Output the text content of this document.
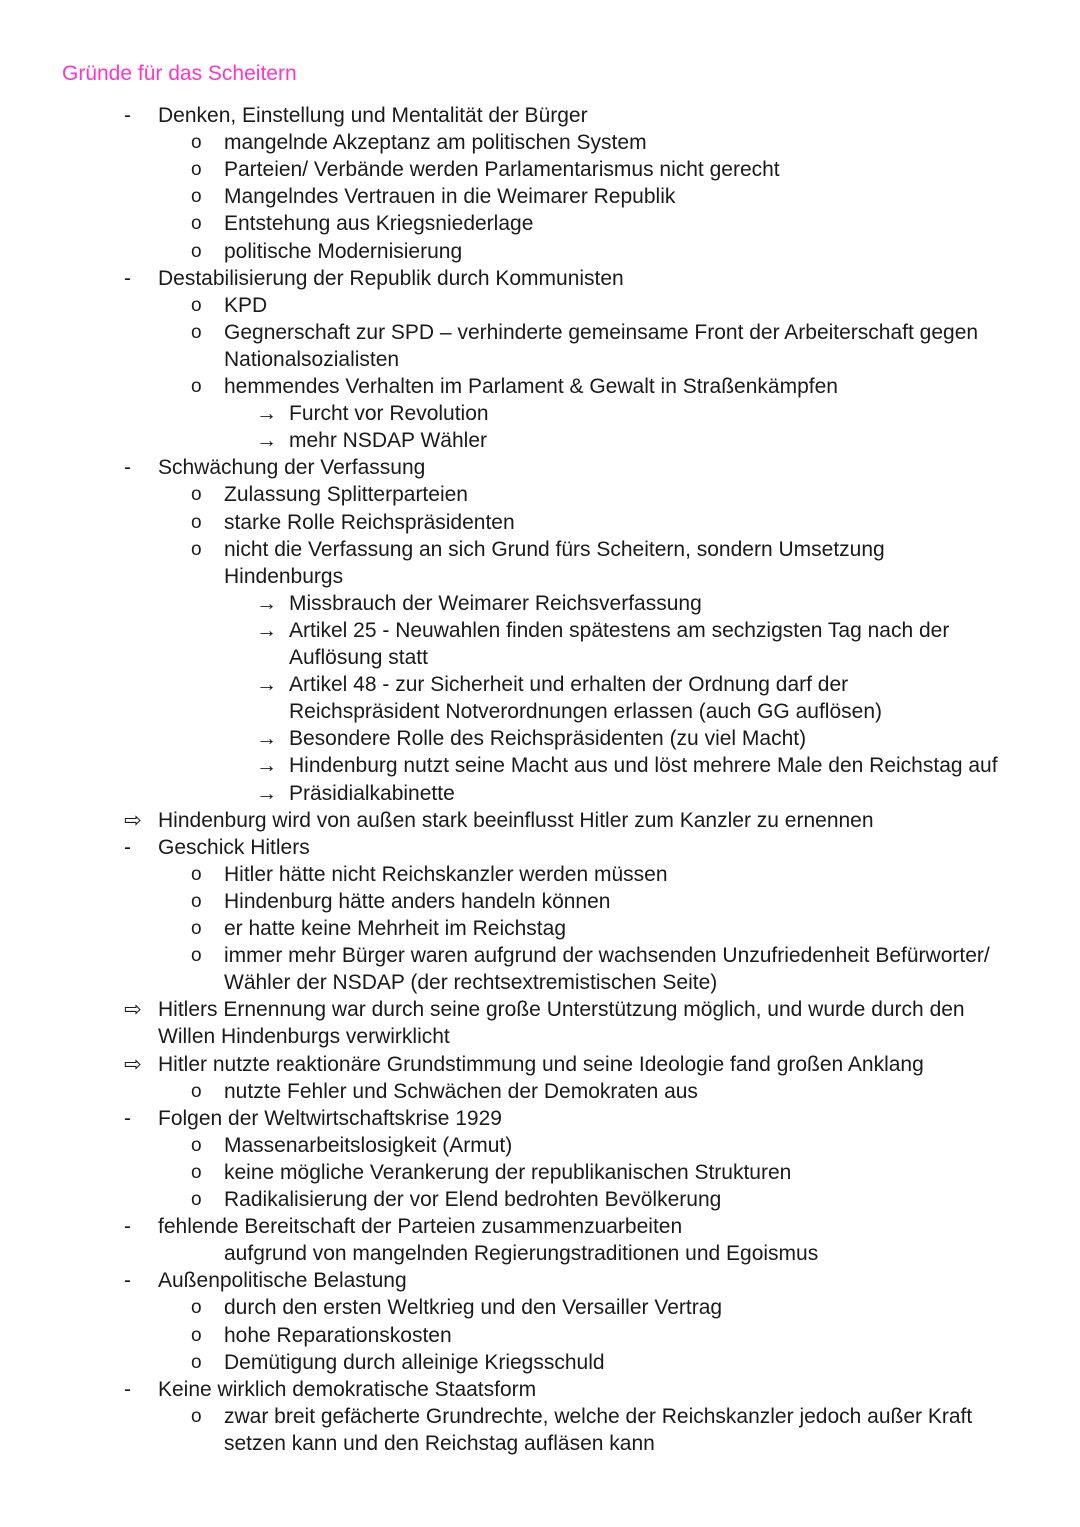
Gründe für das Scheitern
- Denken, Einstellung und Mentalität der Bürger
o mangelnde Akzeptanz am politischen System
o Parteien/ Verbände werden Parlamentarismus nicht gerecht
o Mangelndes Vertrauen in die Weimarer Republik
o Entstehung aus Kriegsniederlage
o politische Modernisierung
- Destabilisierung der Republik durch Kommunisten
o KPD
o Gegnerschaft zur SPD – verhinderte gemeinsame Front der Arbeiterschaft gegen
Nationalsozialisten
o hemmendes Verhalten im Parlament & Gewalt in Straßenkämpfen
→ Furcht vor Revolution
→ mehr NSDAP Wähler
- Schwächung der Verfassung
o Zulassung Splitterparteien
o starke Rolle Reichspräsidenten
o nicht die Verfassung an sich Grund fürs Scheitern, sondern Umsetzung
Hindenburgs
→ Missbrauch der Weimarer Reichsverfassung
→ Artikel 25 - Neuwahlen finden spätestens am sechzigsten Tag nach der
Auflösung statt
→ Artikel 48 - zur Sicherheit und erhalten der Ordnung darf der
Reichspräsident Notverordnungen erlassen (auch GG auflösen)
→ Besondere Rolle des Reichspräsidenten (zu viel Macht)
→ Hindenburg nutzt seine Macht aus und löst mehrere Male den Reichstag auf
→ Präsidialkabinette
⇨ Hindenburg wird von außen stark beeinflusst Hitler zum Kanzler zu ernennen
- Geschick Hitlers
o Hitler hätte nicht Reichskanzler werden müssen
o Hindenburg hätte anders handeln können
o er hatte keine Mehrheit im Reichstag
o immer mehr Bürger waren aufgrund der wachsenden Unzufriedenheit Befürworter/
Wähler der NSDAP (der rechtsextremistischen Seite)
⇨ Hitlers Ernennung war durch seine große Unterstützung möglich, und wurde durch den
Willen Hindenburgs verwirklicht
⇨ Hitler nutzte reaktionäre Grundstimmung und seine Ideologie fand großen Anklang
o nutzte Fehler und Schwächen der Demokraten aus
- Folgen der Weltwirtschaftskrise 1929
o Massenarbeitslosigkeit (Armut)
o keine mögliche Verankerung der republikanischen Strukturen
o Radikalisierung der vor Elend bedrohten Bevölkerung
- fehlende Bereitschaft der Parteien zusammenzuarbeiten
aufgrund von mangelnden Regierungstraditionen und Egoismus
- Außenpolitische Belastung
o durch den ersten Weltkrieg und den Versailler Vertrag
o hohe Reparationskosten
o Demütigung durch alleinige Kriegsschuld
- Keine wirklich demokratische Staatsform
o zwar breit gefächerte Grundrechte, welche der Reichskanzler jedoch außer Kraft
setzen kann und den Reichstag aufläsen kann
